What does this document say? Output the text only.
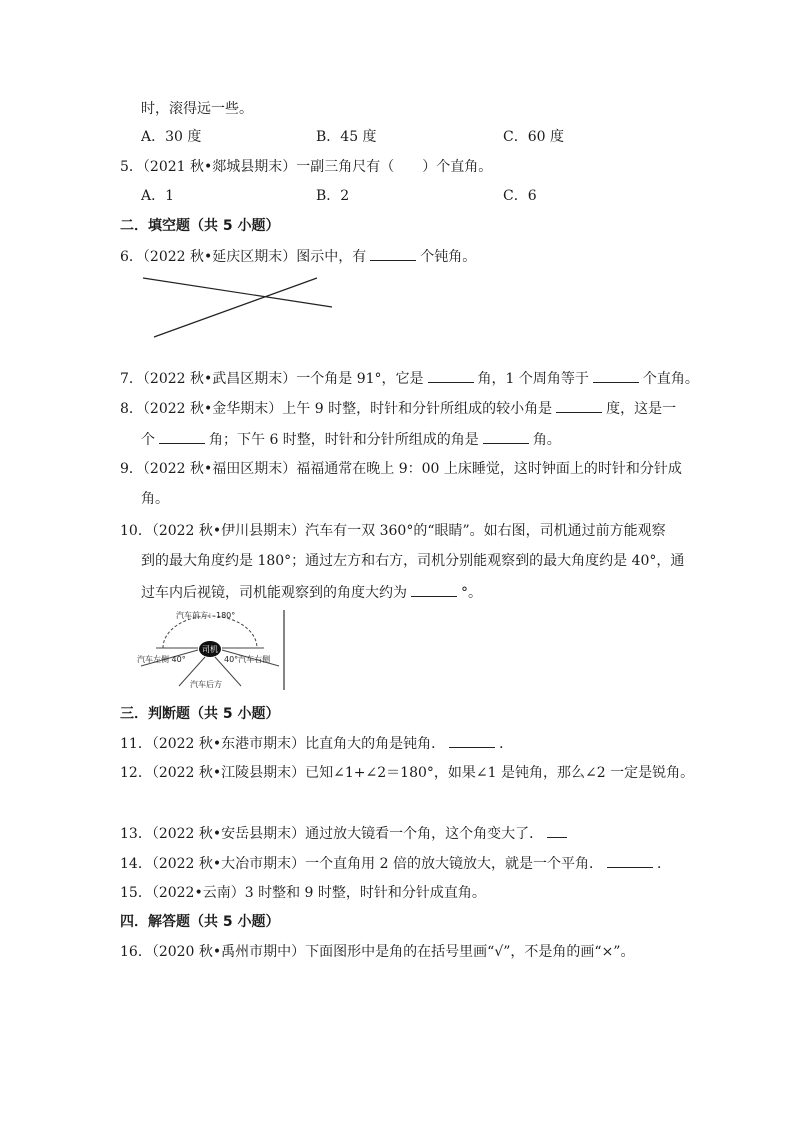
时，滚得远一些。
A．30 度	B．45 度	C．60 度
5．（2021 秋•郯城县期末）一副三角尺有（ ）个直角。
A．1	B．2	C．6
二．填空题（共 5 小题）
6．（2022 秋•延庆区期末）图示中，有	个钝角。
7．（2022 秋•武昌区期末）一个角是 91°，它是	角，1 个周角等于	个直角。
8．（2022 秋•金华期末）上午 9 时整，时针和分针所组成的较小角是	度，这是一
个	角；下午 6 时整，时针和分针所组成的角是	角。
9．（2022 秋•福田区期末）福福通常在晚上 9：00 上床睡觉，这时钟面上的时针和分针成
角。
10．（2022 秋•伊川县期末）汽车有一双 360°的“眼睛”。如右图，司机通过前方能观察
到的最大角度约是 180°；通过左方和右方，司机分别能观察到的最大角度约是 40°，通
过车内后视镜，司机能观察到的角度大约为	°。
汽车前方：180°
司机
汽车左侧 40°	40°汽车右侧
汽车后方
三．判断题（共 5 小题）
11．（2022 秋•东港市期末）比直角大的角是钝角．	．
12．（2022 秋•江陵县期末）已知∠1+∠2＝180°，如果∠1 是钝角，那么∠2 一定是锐角。
13．（2022 秋•安岳县期末）通过放大镜看一个角，这个角变大了．
14．（2022 秋•大冶市期末）一个直角用 2 倍的放大镜放大，就是一个平角．	．
15．（2022•云南）3 时整和 9 时整，时针和分针成直角。
四．解答题（共 5 小题）
16．（2020 秋•禹州市期中）下面图形中是角的在括号里画“√”，不是角的画“×”。
